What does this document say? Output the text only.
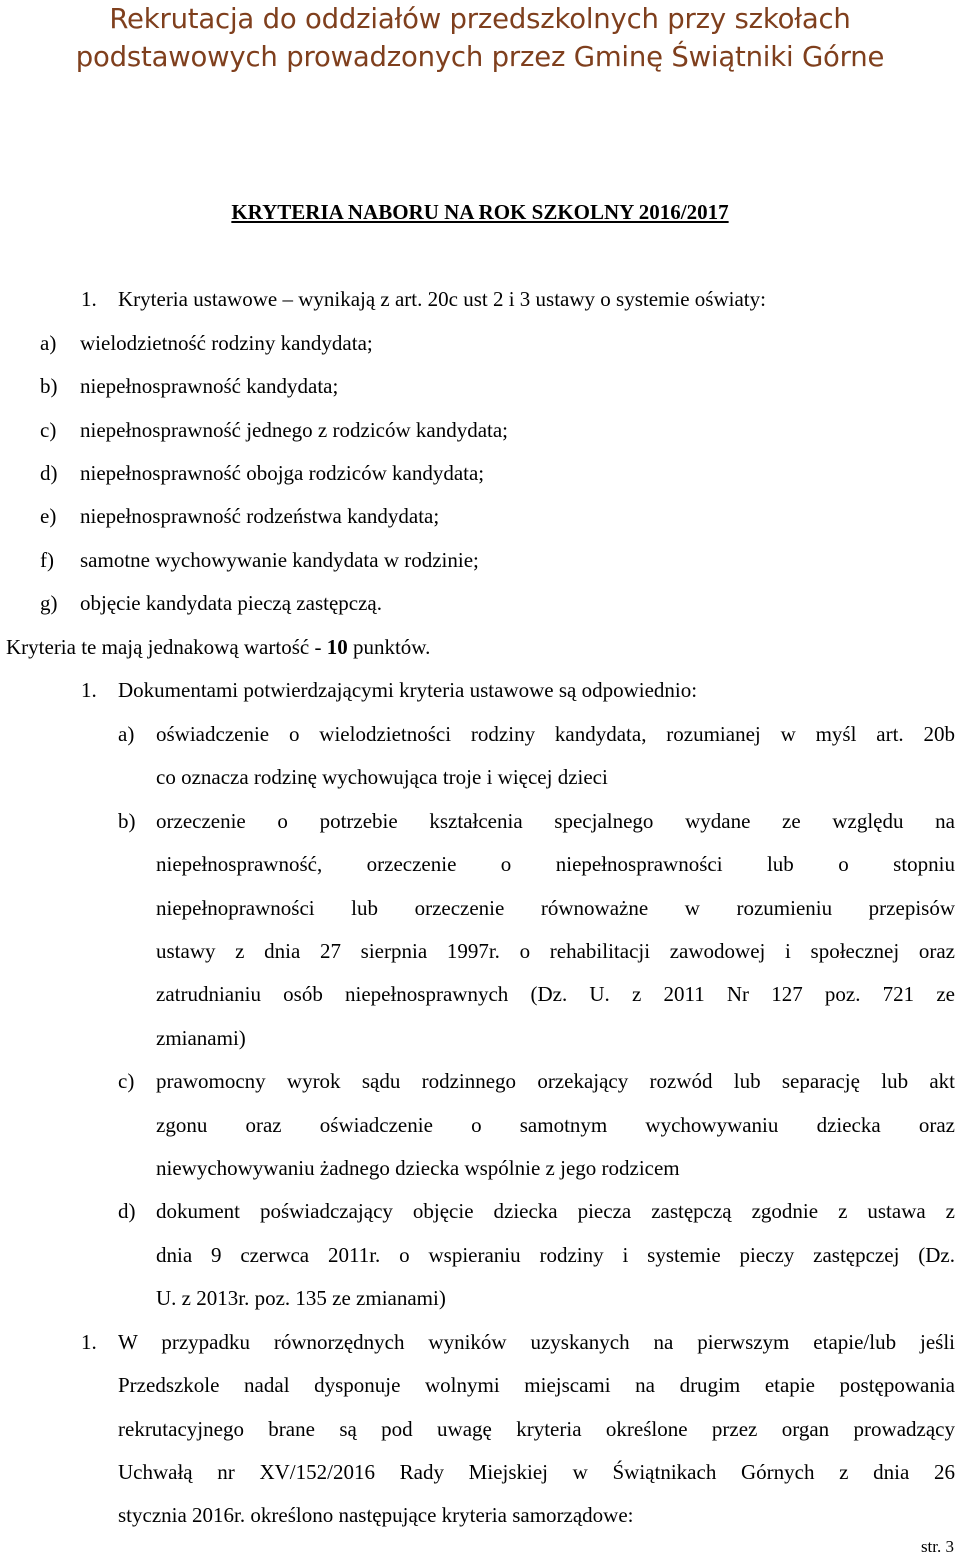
Rekrutacja do oddziałów przedszkolnych przy szkołach
podstawowych prowadzonych przez Gminę Świątniki Górne
KRYTERIA NABORU NA ROK SZKOLNY 2016/2017
1. Kryteria ustawowe – wynikają z art. 20c ust 2 i 3 ustawy o systemie oświaty:
a) wielodzietność rodziny kandydata;
b) niepełnosprawność kandydata;
c) niepełnosprawność jednego z rodziców kandydata;
d) niepełnosprawność obojga rodziców kandydata;
e) niepełnosprawność rodzeństwa kandydata;
f) samotne wychowywanie kandydata w rodzinie;
g) objęcie kandydata pieczą zastępczą.
Kryteria te mają jednakową wartość - 10 punktów.
1. Dokumentami potwierdzającymi kryteria ustawowe są odpowiednio:
a) oświadczenie o wielodzietności rodziny kandydata, rozumianej w myśl art. 20b
co oznacza rodzinę wychowująca troje i więcej dzieci
b) orzeczenie o potrzebie kształcenia specjalnego wydane ze względu na
niepełnosprawność, orzeczenie o niepełnosprawności lub o stopniu
niepełnoprawności lub orzeczenie równoważne w rozumieniu przepisów
ustawy z dnia 27 sierpnia 1997r. o rehabilitacji zawodowej i społecznej oraz
zatrudnianiu osób niepełnosprawnych (Dz. U. z 2011 Nr 127 poz. 721 ze
zmianami)
c) prawomocny wyrok sądu rodzinnego orzekający rozwód lub separację lub akt
zgonu oraz oświadczenie o samotnym wychowywaniu dziecka oraz
niewychowywaniu żadnego dziecka wspólnie z jego rodzicem
d) dokument poświadczający objęcie dziecka piecza zastępczą zgodnie z ustawa z
dnia 9 czerwca 2011r. o wspieraniu rodziny i systemie pieczy zastępczej (Dz.
U. z 2013r. poz. 135 ze zmianami)
1. W przypadku równorzędnych wyników uzyskanych na pierwszym etapie/lub jeśli
Przedszkole nadal dysponuje wolnymi miejscami na drugim etapie postępowania
rekrutacyjnego brane są pod uwagę kryteria określone przez organ prowadzący
Uchwałą nr XV/152/2016 Rady Miejskiej w Świątnikach Górnych z dnia 26
stycznia 2016r. określono następujące kryteria samorządowe:
str. 3
